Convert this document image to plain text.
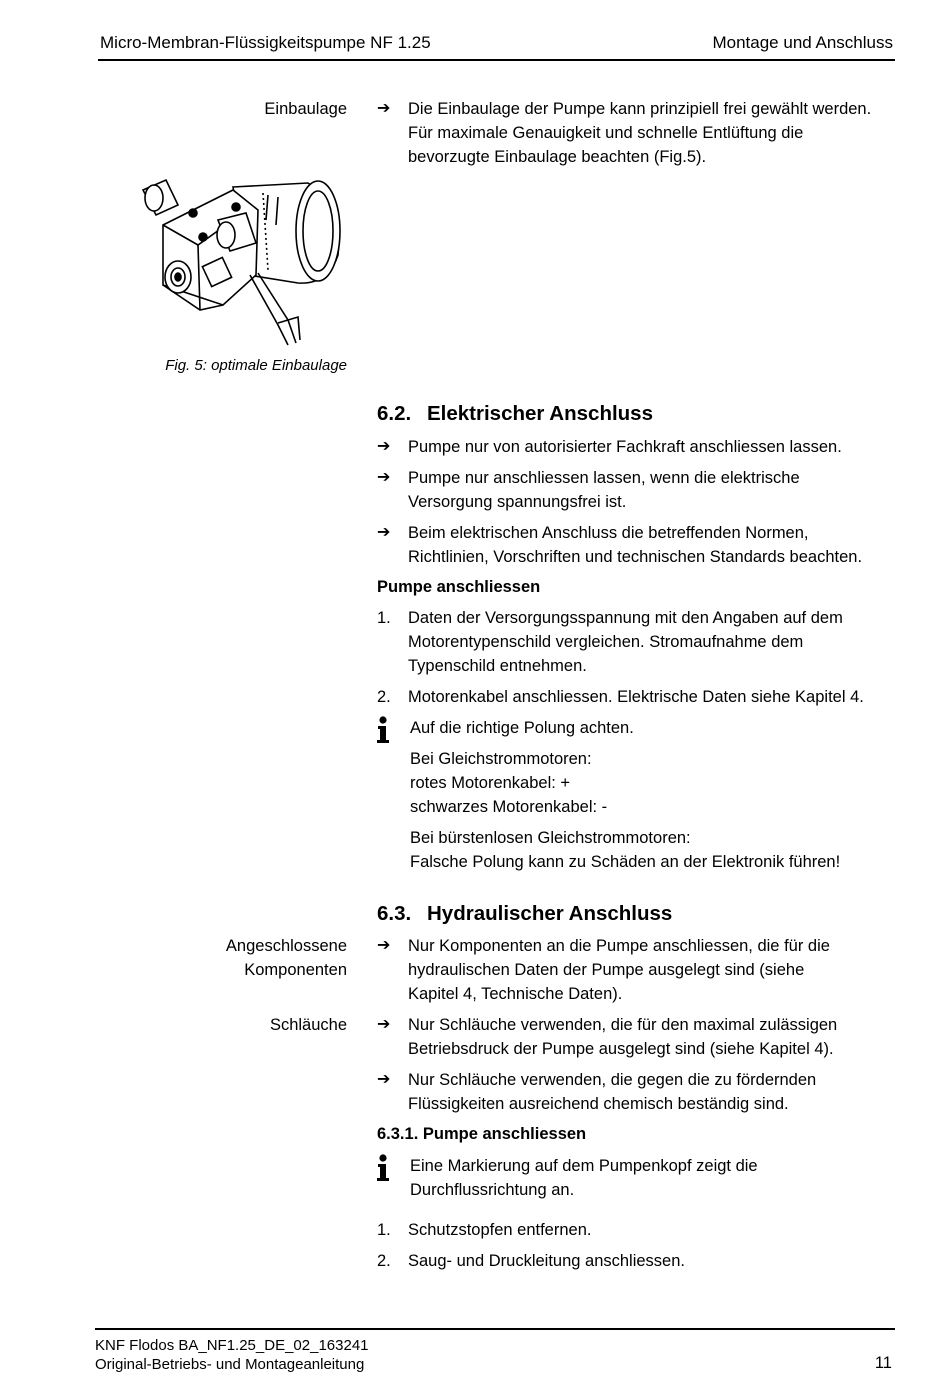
Micro-Membran-Flüssigkeitspumpe NF 1.25	Montage und Anschluss
Einbaulage ➔	Die Einbaulage der Pumpe kann prinzipiell frei gewählt werden. Für maximale Genauigkeit und schnelle Entlüftung die bevorzugte Einbaulage beachten (Fig.5).
Fig. 5: optimale Einbaulage
6.2. Elektrischer Anschluss
➔	Pumpe nur von autorisierter Fachkraft anschliessen lassen.
➔	Pumpe nur anschliessen lassen, wenn die elektrische Versorgung spannungsfrei ist.
➔	Beim elektrischen Anschluss die betreffenden Normen, Richtlinien, Vorschriften und technischen Standards beachten.
Pumpe anschliessen
1. Daten der Versorgungsspannung mit den Angaben auf dem Motorentypenschild vergleichen. Stromaufnahme dem Typenschild entnehmen.
2. Motorenkabel anschliessen. Elektrische Daten siehe Kapitel 4.
Auf die richtige Polung achten.
Bei Gleichstrommotoren:
rotes Motorenkabel: +
schwarzes Motorenkabel: -
Bei bürstenlosen Gleichstrommotoren:
Falsche Polung kann zu Schäden an der Elektronik führen!
6.3. Hydraulischer Anschluss
Angeschlossene
Komponenten
➔	Nur Komponenten an die Pumpe anschliessen, die für die hydraulischen Daten der Pumpe ausgelegt sind (siehe Kapitel 4, Technische Daten).
Schläuche ➔	Nur Schläuche verwenden, die für den maximal zulässigen Betriebsdruck der Pumpe ausgelegt sind (siehe Kapitel 4).
➔	Nur Schläuche verwenden, die gegen die zu fördernden Flüssigkeiten ausreichend chemisch beständig sind.
6.3.1. Pumpe anschliessen
Eine Markierung auf dem Pumpenkopf zeigt die Durchflussrichtung an.
1. Schutzstopfen entfernen.
2. Saug- und Druckleitung anschliessen.
KNF Flodos BA_NF1.25_DE_02_163241
Original-Betriebs- und Montageanleitung	11
